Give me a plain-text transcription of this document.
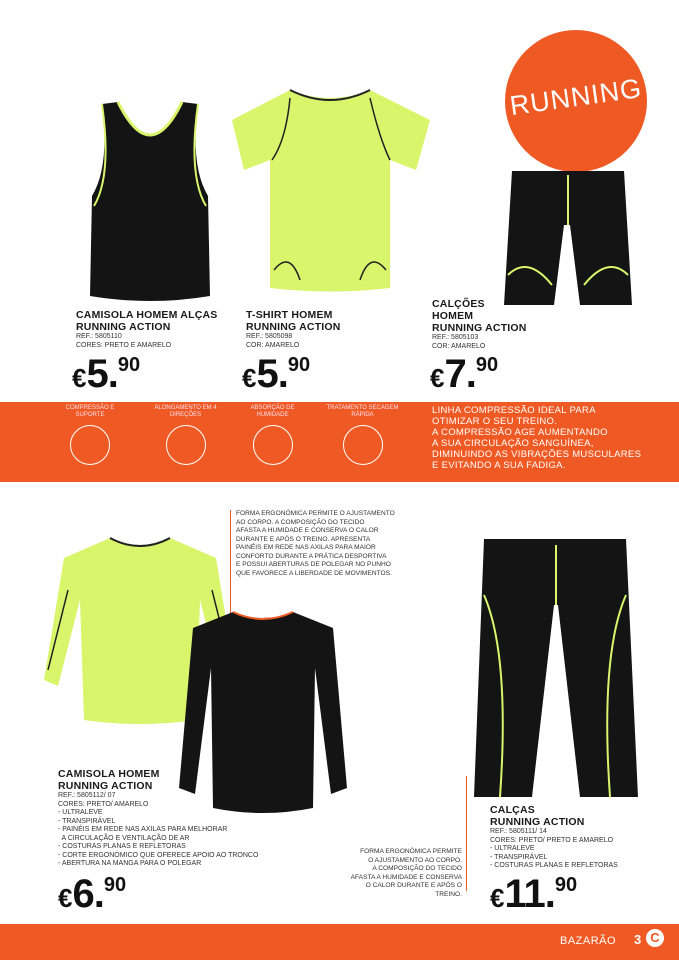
RUNNING
CAMISOLA HOMEM ALÇAS
RUNNING ACTION
REF.: 5805110
CORES: PRETO E AMARELO
€5.90
T-SHIRT HOMEM
RUNNING ACTION
REF.: 5805098
COR: AMARELO
€5.90
CALÇÕES
HOMEM
RUNNING ACTION
REF.: 5805103
COR: AMARELO
€7.90
COMPRESSÃO E SUPORTE
ALONGAMENTO EM 4 DIREÇÕES
ABSORÇÃO DE HUMIDADE
TRATAMENTO SECAGEM RÁPIDA	LINHA COMPRESSÃO IDEAL PARA
OTIMIZAR O SEU TREINO.
A COMPRESSÃO AGE AUMENTANDO
A SUA CIRCULAÇÃO SANGUÍNEA,
DIMINUINDO AS VIBRAÇÕES MUSCULARES
E EVITANDO A SUA FADIGA.
FORMA ERGONÓMICA PERMITE O AJUSTAMENTO
AO CORPO. A COMPOSIÇÃO DO TECIDO
AFASTA A HUMIDADE E CONSERVA O CALOR
DURANTE E APÓS O TREINO. APRESENTA
PAINÉIS EM REDE NAS AXILAS PARA MAIOR
CONFORTO DURANTE A PRÁTICA DESPORTIVA
E POSSUI ABERTURAS DE POLEGAR NO PUNHO
QUE FAVORECE A LIBERDADE DE MOVIMENTOS.
CAMISOLA HOMEM
RUNNING ACTION
REF.: 5805112/ 07
CORES: PRETO/ AMARELO
- ULTRALEVE
- TRANSPIRÁVEL
- PAINÉIS EM REDE NAS AXILAS PARA MELHORAR
A CIRCULAÇÃO E VENTILAÇÃO DE AR
- COSTURAS PLANAS E REFLETORAS
- CORTE ERGONÓMICO QUE OFERECE APOIO AO TRONCO
- ABERTURA NA MANGA PARA O POLEGAR
€6.90
FORMA ERGONÓMICA PERMITE
O AJUSTAMENTO AO CORPO.
A COMPOSIÇÃO DO TECIDO
AFASTA A HUMIDADE E CONSERVA
O CALOR DURANTE E APÓS O TREINO.
CALÇAS
RUNNING ACTION
REF.: 5805111/ 14
CORES: PRETO/ PRETO E AMARELO
- ULTRALEVE
- TRANSPIRÁVEL
- COSTURAS PLANAS E REFLETORAS
€11.90
BAZARÃO 3 C
